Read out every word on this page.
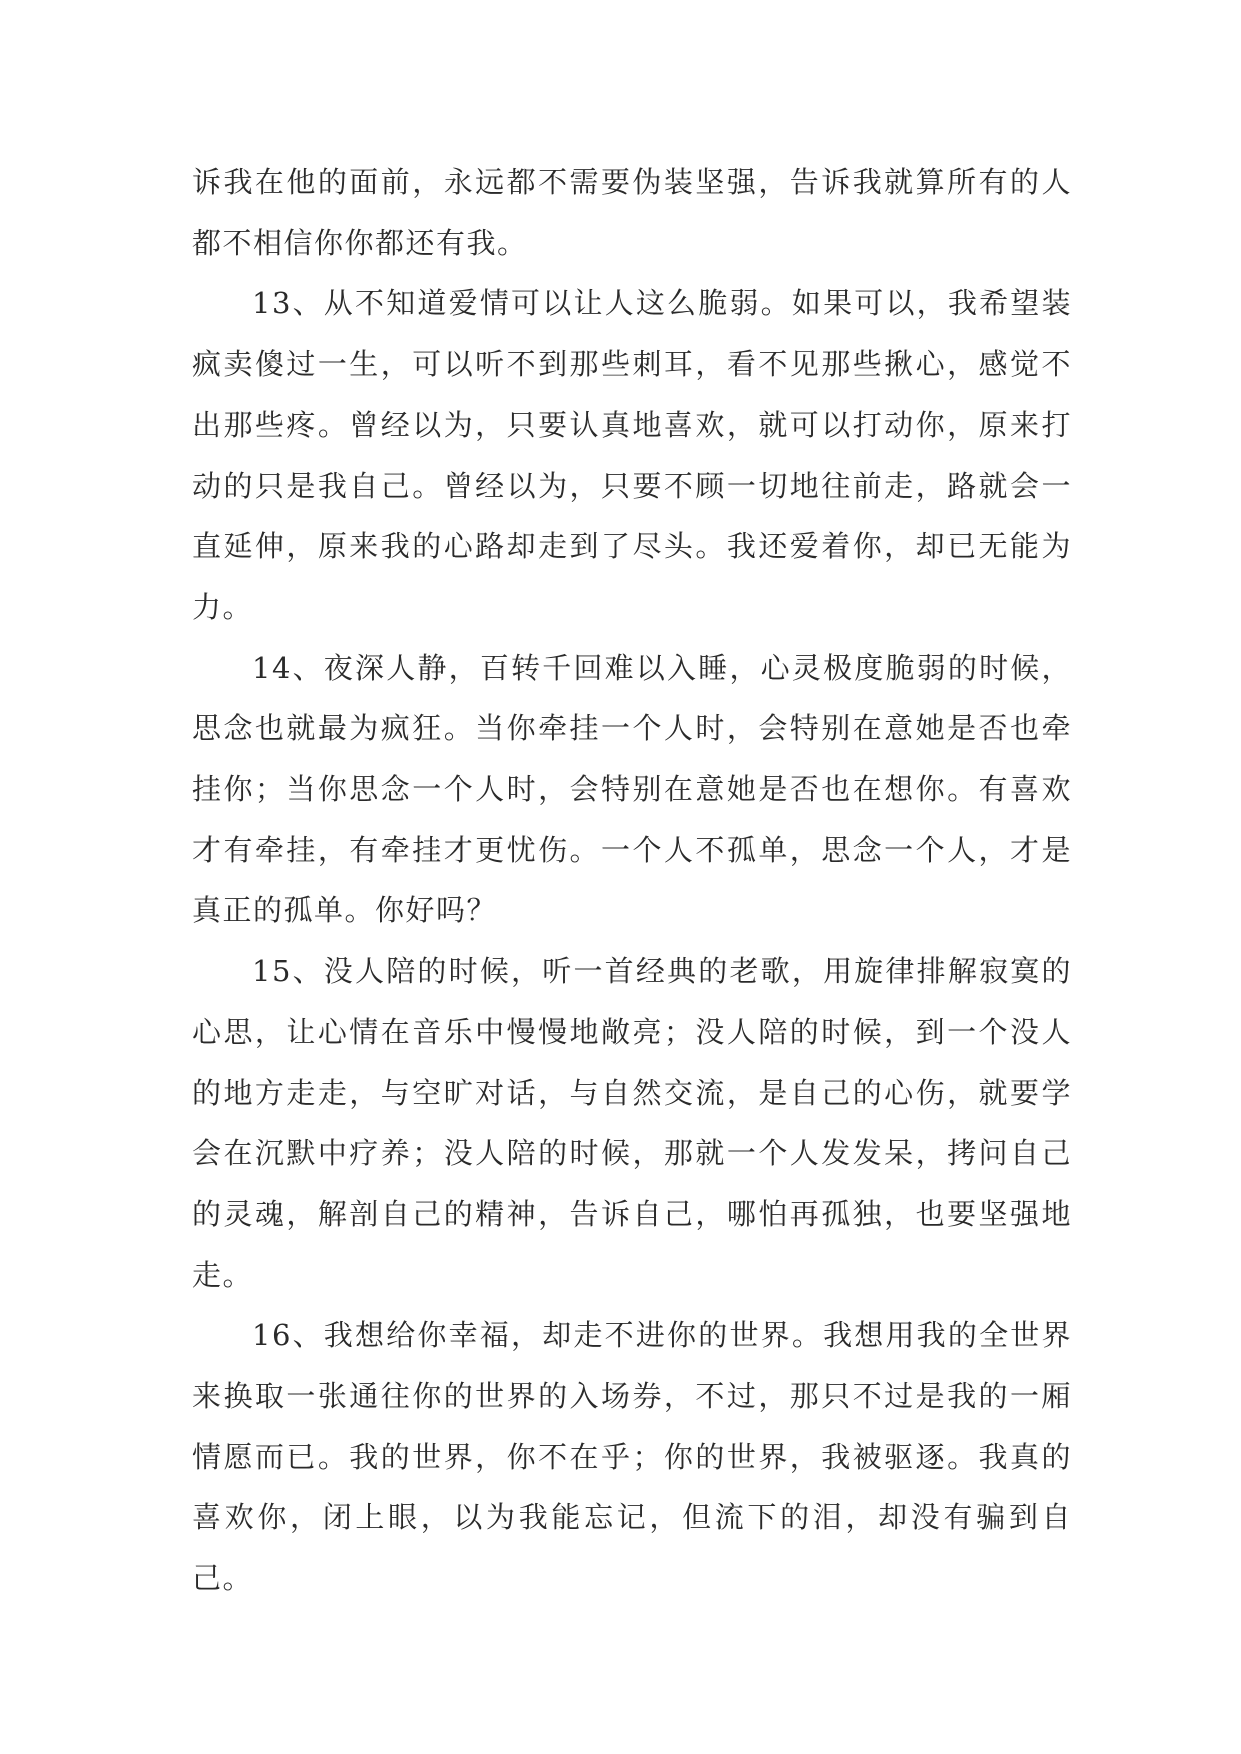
诉我在他的面前，永远都不需要伪装坚强，告诉我就算所有的人都不相信你你都还有我。

13、从不知道爱情可以让人这么脆弱。如果可以，我希望装疯卖傻过一生，可以听不到那些刺耳，看不见那些揪心，感觉不出那些疼。曾经以为，只要认真地喜欢，就可以打动你，原来打动的只是我自己。曾经以为，只要不顾一切地往前走，路就会一直延伸，原来我的心路却走到了尽头。我还爱着你，却已无能为力。

14、夜深人静，百转千回难以入睡，心灵极度脆弱的时候，思念也就最为疯狂。当你牵挂一个人时，会特别在意她是否也牵挂你；当你思念一个人时，会特别在意她是否也在想你。有喜欢才有牵挂，有牵挂才更忧伤。一个人不孤单，思念一个人，才是真正的孤单。你好吗？

15、没人陪的时候，听一首经典的老歌，用旋律排解寂寞的心思，让心情在音乐中慢慢地敞亮；没人陪的时候，到一个没人的地方走走，与空旷对话，与自然交流，是自己的心伤，就要学会在沉默中疗养；没人陪的时候，那就一个人发发呆，拷问自己的灵魂，解剖自己的精神，告诉自己，哪怕再孤独，也要坚强地走。

16、我想给你幸福，却走不进你的世界。我想用我的全世界来换取一张通往你的世界的入场券，不过，那只不过是我的一厢情愿而已。我的世界，你不在乎；你的世界，我被驱逐。我真的喜欢你，闭上眼，以为我能忘记，但流下的泪，却没有骗到自己。
